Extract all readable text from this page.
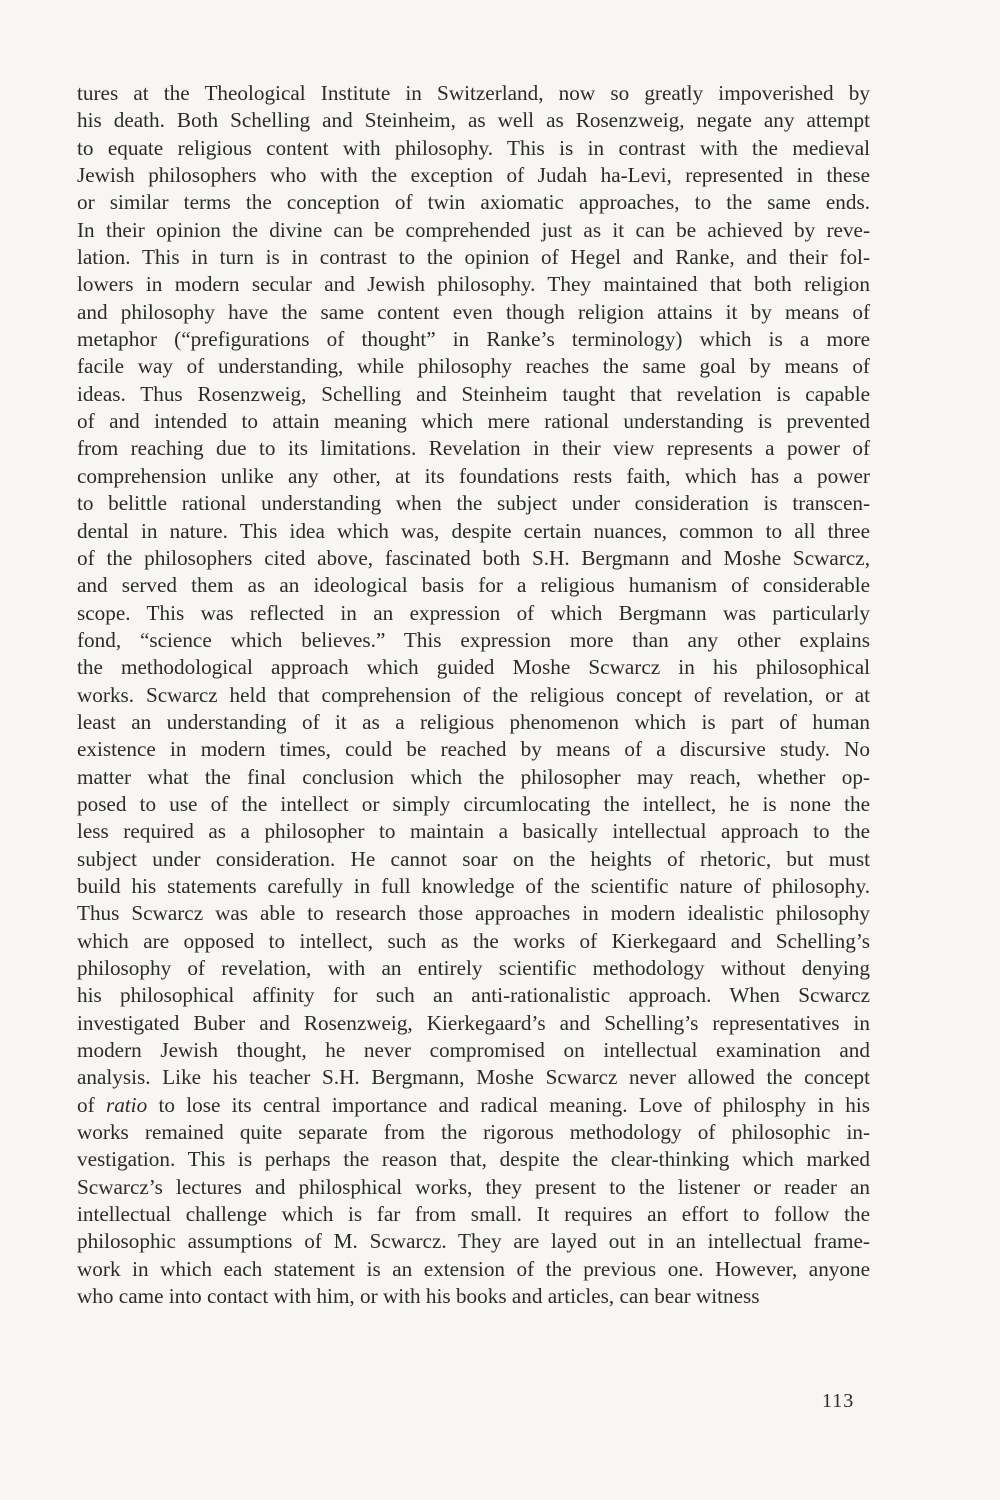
tures at the Theological Institute in Switzerland, now so greatly impoverished by
his death. Both Schelling and Steinheim, as well as Rosenzweig, negate any attempt
to equate religious content with philosophy. This is in contrast with the medieval
Jewish philosophers who with the exception of Judah ha-Levi, represented in these
or similar terms the conception of twin axiomatic approaches, to the same ends.
In their opinion the divine can be comprehended just as it can be achieved by reve-
lation. This in turn is in contrast to the opinion of Hegel and Ranke, and their fol-
lowers in modern secular and Jewish philosophy. They maintained that both religion
and philosophy have the same content even though religion attains it by means of
metaphor (“prefigurations of thought” in Ranke’s terminology) which is a more
facile way of understanding, while philosophy reaches the same goal by means of
ideas. Thus Rosenzweig, Schelling and Steinheim taught that revelation is capable
of and intended to attain meaning which mere rational understanding is prevented
from reaching due to its limitations. Revelation in their view represents a power of
comprehension unlike any other, at its foundations rests faith, which has a power
to belittle rational understanding when the subject under consideration is transcen-
dental in nature. This idea which was, despite certain nuances, common to all three
of the philosophers cited above, fascinated both S.H. Bergmann and Moshe Scwarcz,
and served them as an ideological basis for a religious humanism of considerable
scope. This was reflected in an expression of which Bergmann was particularly
fond, “science which believes.” This expression more than any other explains
the methodological approach which guided Moshe Scwarcz in his philosophical
works. Scwarcz held that comprehension of the religious concept of revelation, or at
least an understanding of it as a religious phenomenon which is part of human
existence in modern times, could be reached by means of a discursive study. No
matter what the final conclusion which the philosopher may reach, whether op-
posed to use of the intellect or simply circumlocating the intellect, he is none the
less required as a philosopher to maintain a basically intellectual approach to the
subject under consideration. He cannot soar on the heights of rhetoric, but must
build his statements carefully in full knowledge of the scientific nature of philosophy.
Thus Scwarcz was able to research those approaches in modern idealistic philosophy
which are opposed to intellect, such as the works of Kierkegaard and Schelling’s
philosophy of revelation, with an entirely scientific methodology without denying
his philosophical affinity for such an anti-rationalistic approach. When Scwarcz
investigated Buber and Rosenzweig, Kierkegaard’s and Schelling’s representatives in
modern Jewish thought, he never compromised on intellectual examination and
analysis. Like his teacher S.H. Bergmann, Moshe Scwarcz never allowed the concept
of ratio to lose its central importance and radical meaning. Love of philosphy in his
works remained quite separate from the rigorous methodology of philosophic in-
vestigation. This is perhaps the reason that, despite the clear-thinking which marked
Scwarcz’s lectures and philosphical works, they present to the listener or reader an
intellectual challenge which is far from small. It requires an effort to follow the
philosophic assumptions of M. Scwarcz. They are layed out in an intellectual frame-
work in which each statement is an extension of the previous one. However, anyone
who came into contact with him, or with his books and articles, can bear witness
113
